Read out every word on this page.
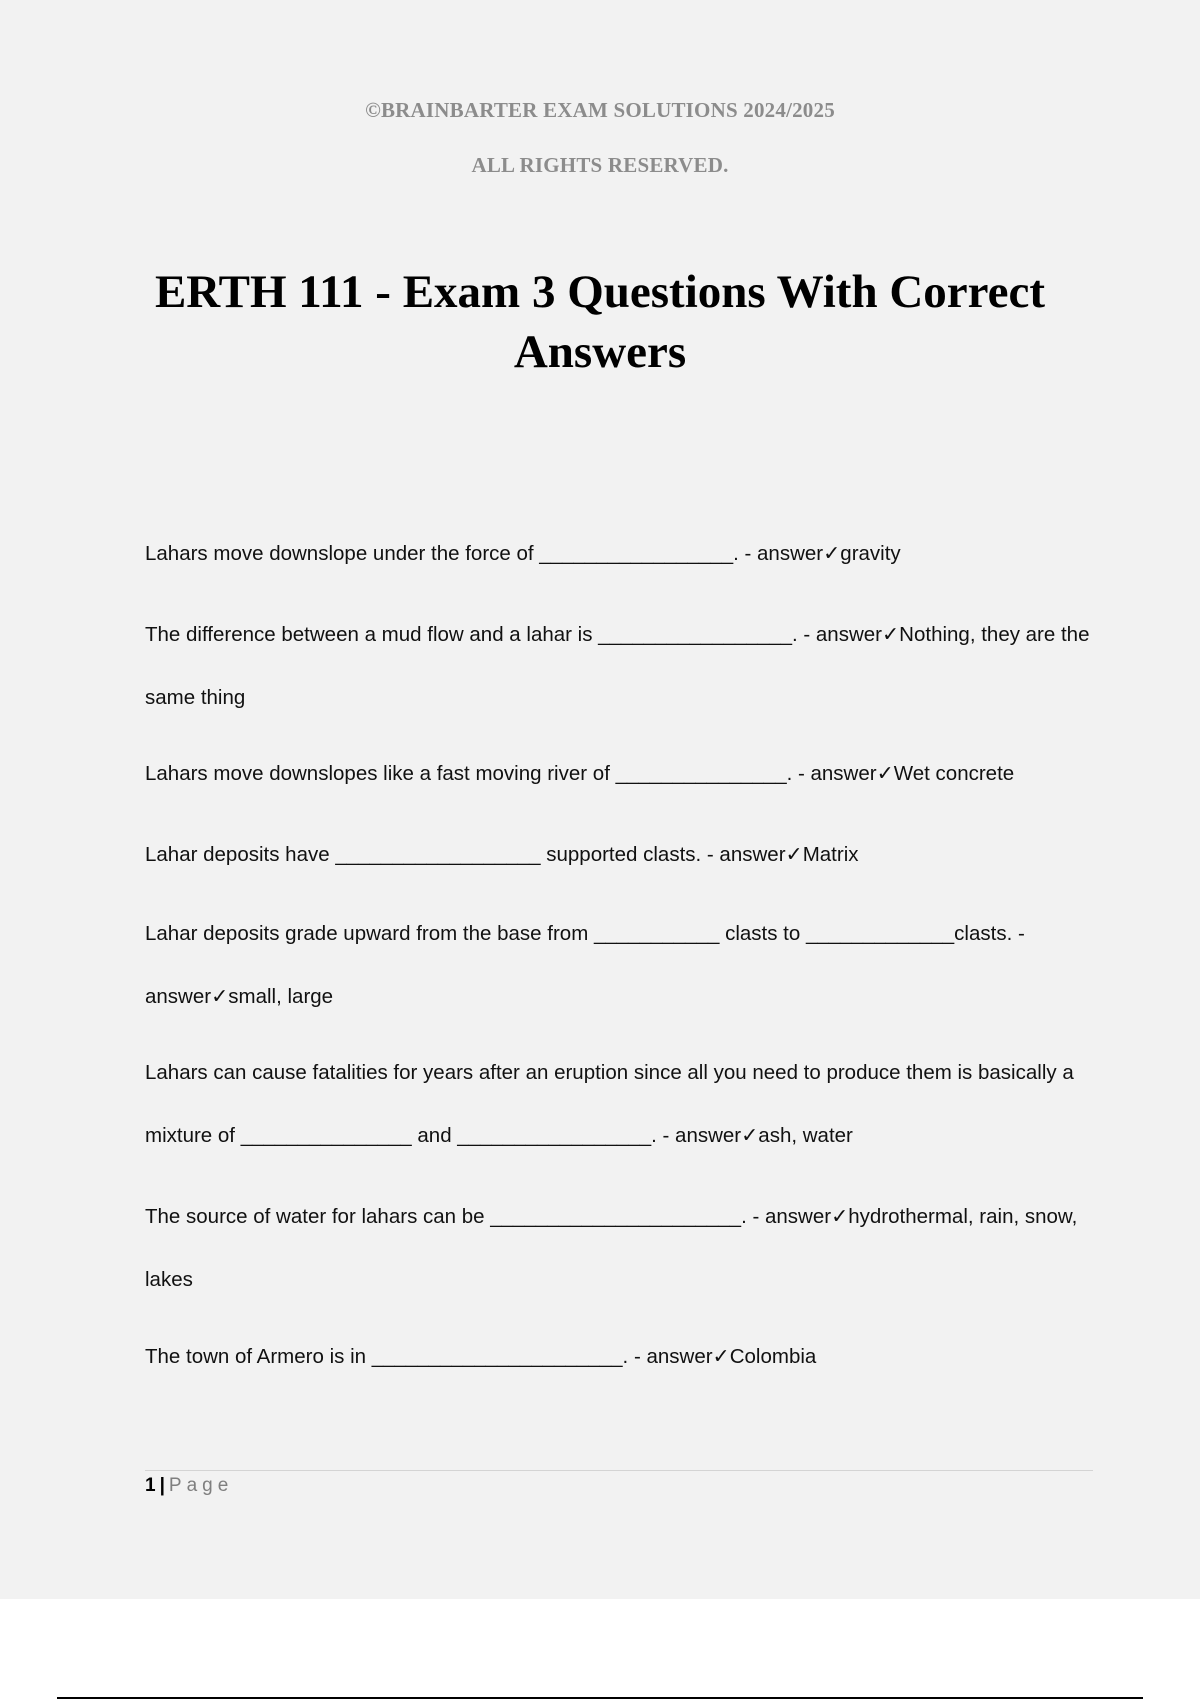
©BRAINBARTER EXAM SOLUTIONS 2024/2025
ALL RIGHTS RESERVED.
ERTH 111 - Exam 3 Questions With Correct
Answers

Lahars move downslope under the force of _________________. - answer✓gravity

The difference between a mud flow and a lahar is _________________. - answer✓Nothing, they are the same thing

Lahars move downslopes like a fast moving river of _______________. - answer✓Wet concrete

Lahar deposits have __________________ supported clasts. - answer✓Matrix

Lahar deposits grade upward from the base from ___________ clasts to _____________clasts. - answer✓small, large

Lahars can cause fatalities for years after an eruption since all you need to produce them is basically a mixture of _______________ and _________________. - answer✓ash, water

The source of water for lahars can be ______________________. - answer✓hydrothermal, rain, snow, lakes

The town of Armero is in ______________________. - answer✓Colombia

1 | Page
